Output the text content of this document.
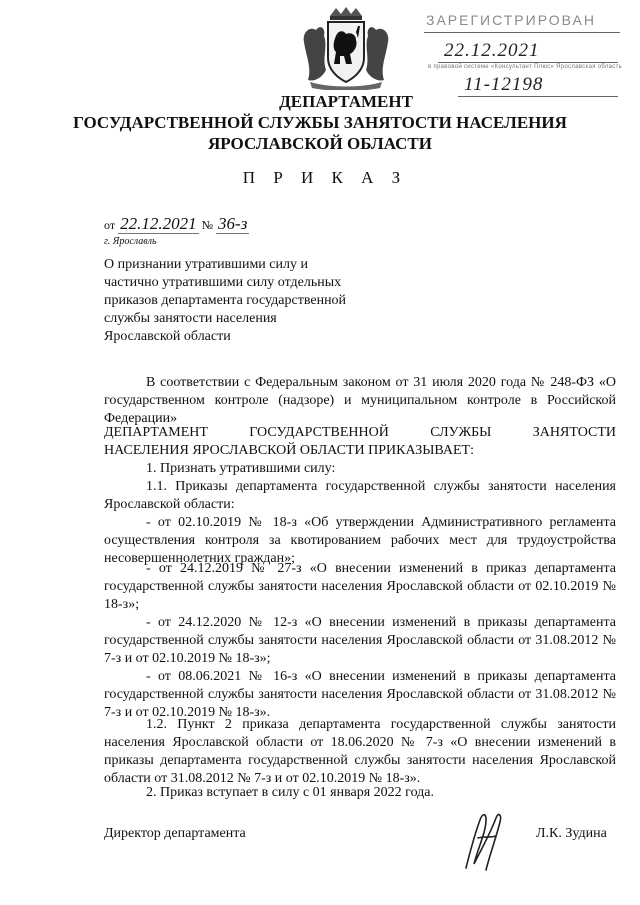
ЗАРЕГИСТРИРОВАН
22.12.2021
в правовой системе «Консультант Плюс» Ярославская область
11-12198
ДЕПАРТАМЕНТ
ГОСУДАРСТВЕННОЙ СЛУЖБЫ ЗАНЯТОСТИ НАСЕЛЕНИЯ
ЯРОСЛАВСКОЙ ОБЛАСТИ
П Р И К А З
от 22.12.2021 № 36-з
г. Ярославль
О признании утратившими силу и частично утратившими силу отдельных приказов департамента государственной службы занятости населения Ярославской области
В соответствии с Федеральным законом от 31 июля 2020 года № 248-ФЗ «О государственном контроле (надзоре) и муниципальном контроле в Российской Федерации»
ДЕПАРТАМЕНТ ГОСУДАРСТВЕННОЙ СЛУЖБЫ ЗАНЯТОСТИ
НАСЕЛЕНИЯ ЯРОСЛАВСКОЙ ОБЛАСТИ ПРИКАЗЫВАЕТ:
1. Признать утратившими силу:
1.1. Приказы департамента государственной службы занятости населения Ярославской области:
- от 02.10.2019 № 18-з «Об утверждении Административного регламента осуществления контроля за квотированием рабочих мест для трудоустройства несовершеннолетних граждан»;
- от 24.12.2019 № 27-з «О внесении изменений в приказ департамента государственной службы занятости населения Ярославской области от 02.10.2019 № 18-з»;
- от 24.12.2020 № 12-з «О внесении изменений в приказы департамента государственной службы занятости населения Ярославской области от 31.08.2012 № 7-з и от 02.10.2019 № 18-з»;
- от 08.06.2021 № 16-з «О внесении изменений в приказы департамента государственной службы занятости населения Ярославской области от 31.08.2012 № 7-з и от 02.10.2019 № 18-з».
1.2. Пункт 2 приказа департамента государственной службы занятости населения Ярославской области от 18.06.2020 № 7-з «О внесении изменений в приказы департамента государственной службы занятости населения Ярославской области от 31.08.2012 № 7-з и от 02.10.2019 № 18-з».
2. Приказ вступает в силу с 01 января 2022 года.
Директор департамента	Л.К. Зудина
